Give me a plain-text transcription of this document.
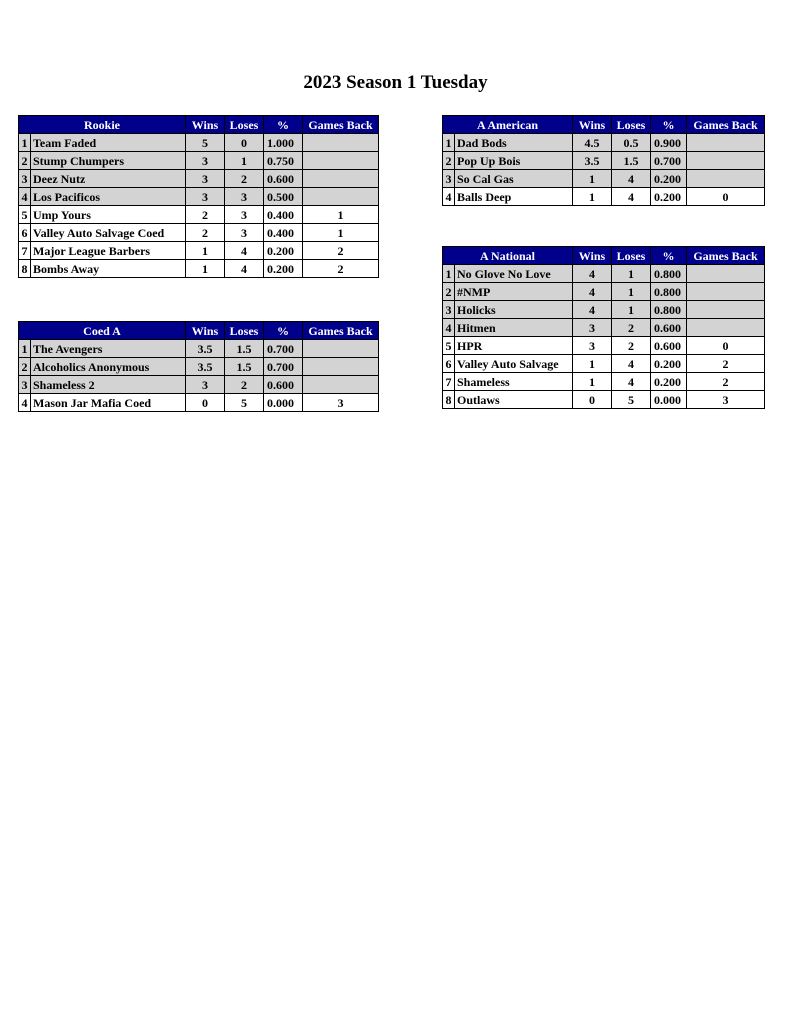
2023 Season 1 Tuesday
Rookie		Wins	Loses	%	Games Back
1	Team Faded	5	0	1.000	
2	Stump Chumpers	3	1	0.750	
3	Deez Nutz	3	2	0.600	
4	Los Pacificos	3	3	0.500	
5	Ump Yours	2	3	0.400	1
6	Valley Auto Salvage Coed	2	3	0.400	1
7	Major League Barbers	1	4	0.200	2
8	Bombs Away	1	4	0.200	2
A American		Wins	Loses	%	Games Back
1	Dad Bods	4.5	0.5	0.900	
2	Pop Up Bois	3.5	1.5	0.700	
3	So Cal Gas	1	4	0.200	
4	Balls Deep	1	4	0.200	0
A National		Wins	Loses	%	Games Back
1	No Glove No Love	4	1	0.800	
2	#NMP	4	1	0.800	
3	Holicks	4	1	0.800	
4	Hitmen	3	2	0.600	
5	HPR	3	2	0.600	0
6	Valley Auto Salvage	1	4	0.200	2
7	Shameless	1	4	0.200	2
8	Outlaws	0	5	0.000	3
Coed A		Wins	Loses	%	Games Back
1	The Avengers	3.5	1.5	0.700	
2	Alcoholics Anonymous	3.5	1.5	0.700	
3	Shameless 2	3	2	0.600	
4	Mason Jar Mafia Coed	0	5	0.000	3
